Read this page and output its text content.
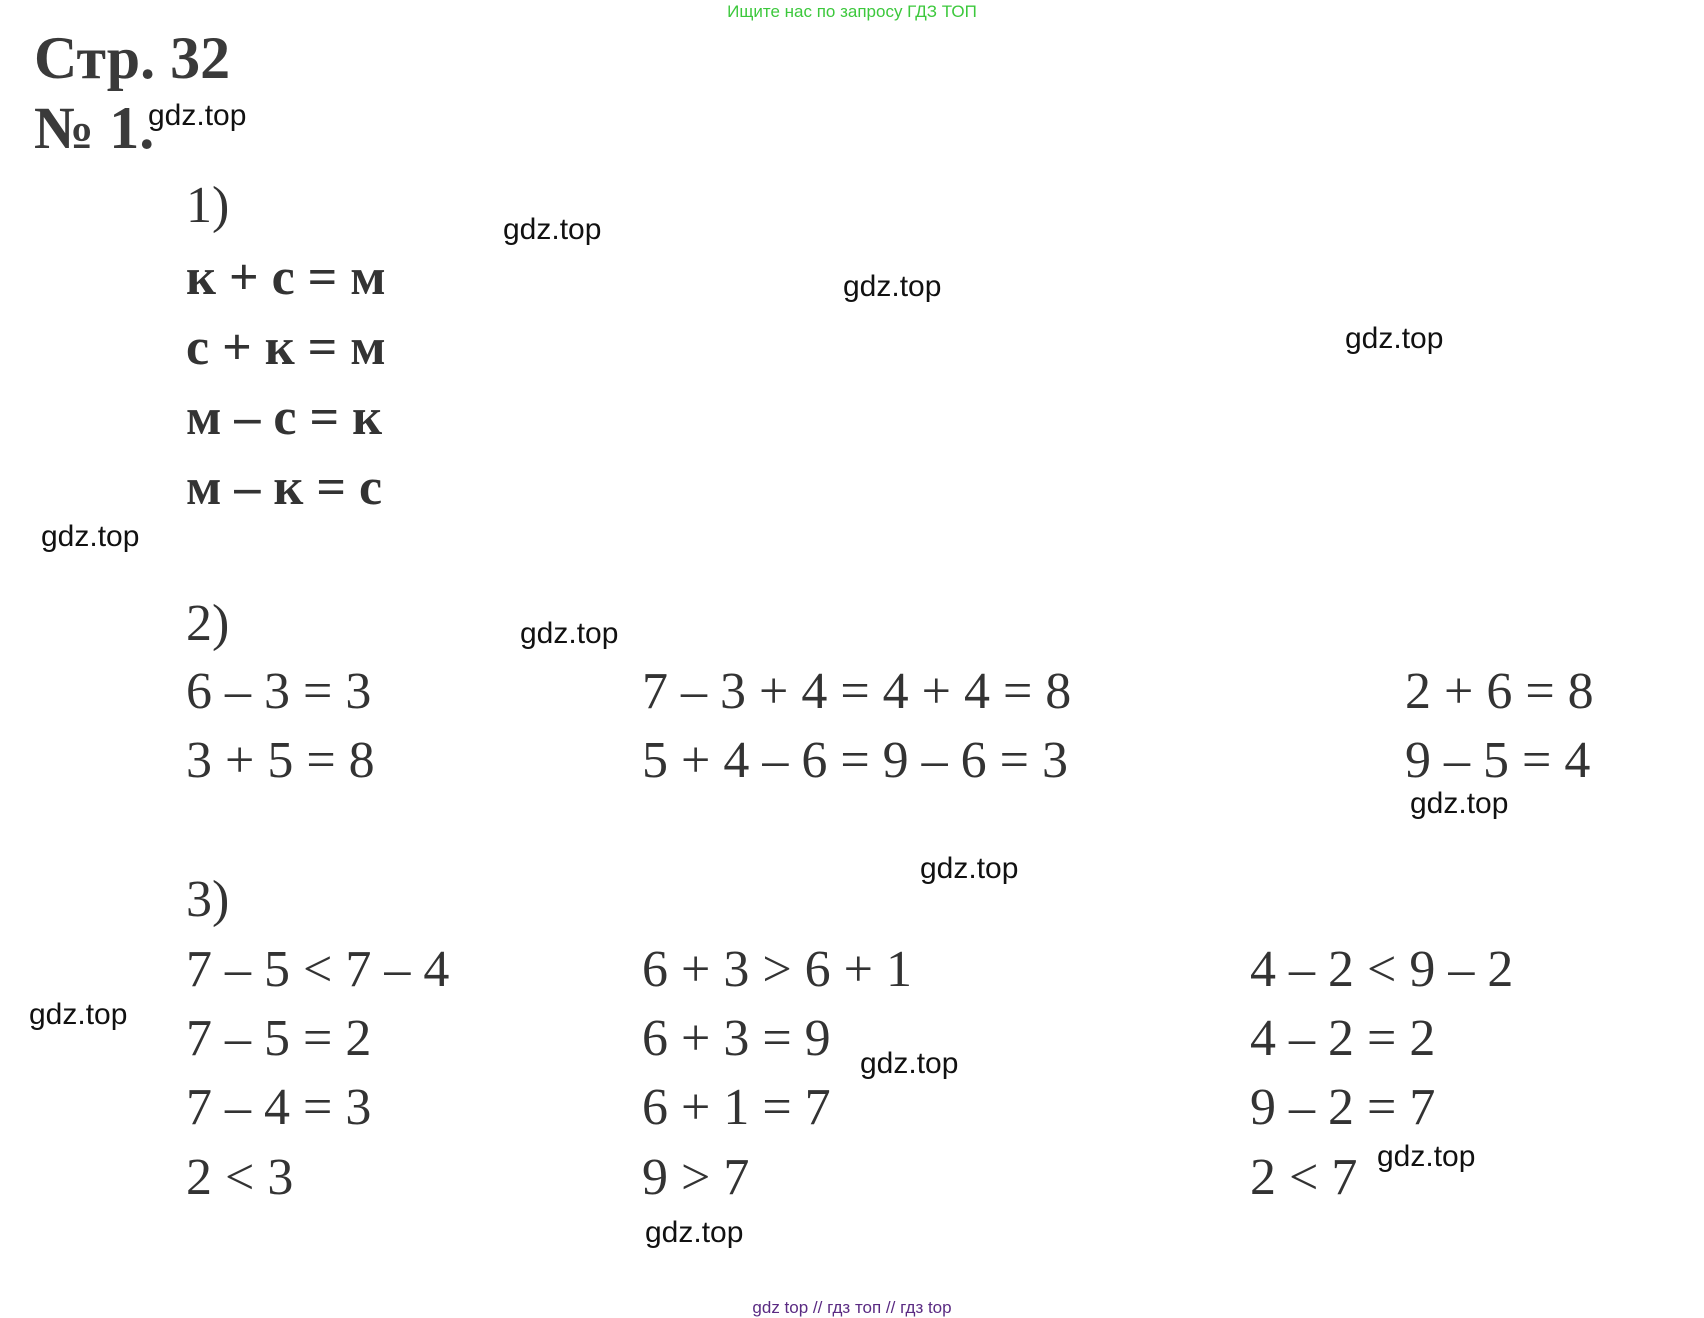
Ищите нас по запросу ГДЗ ТОП
Стр. 32
№ 1.
1)
к + с = м
с + к = м
м – с = к
м – к = с
2)
6 – 3 = 3
3 + 5 = 8
7 – 3 + 4 = 4 + 4 = 8
5 + 4 – 6 = 9 – 6 = 3
2 + 6 = 8
9 – 5 = 4
3)
7 – 5 < 7 – 4
7 – 5 = 2
7 – 4 = 3
2 < 3
6 + 3 > 6 + 1
6 + 3 = 9
6 + 1 = 7
9 > 7
4 – 2 < 9 – 2
4 – 2 = 2
9 – 2 = 7
2 < 7
gdz.top
gdz.top
gdz.top
gdz.top
gdz.top
gdz.top
gdz.top
gdz.top
gdz.top
gdz.top
gdz.top
gdz.top
gdz top // гдз топ // гдз top
